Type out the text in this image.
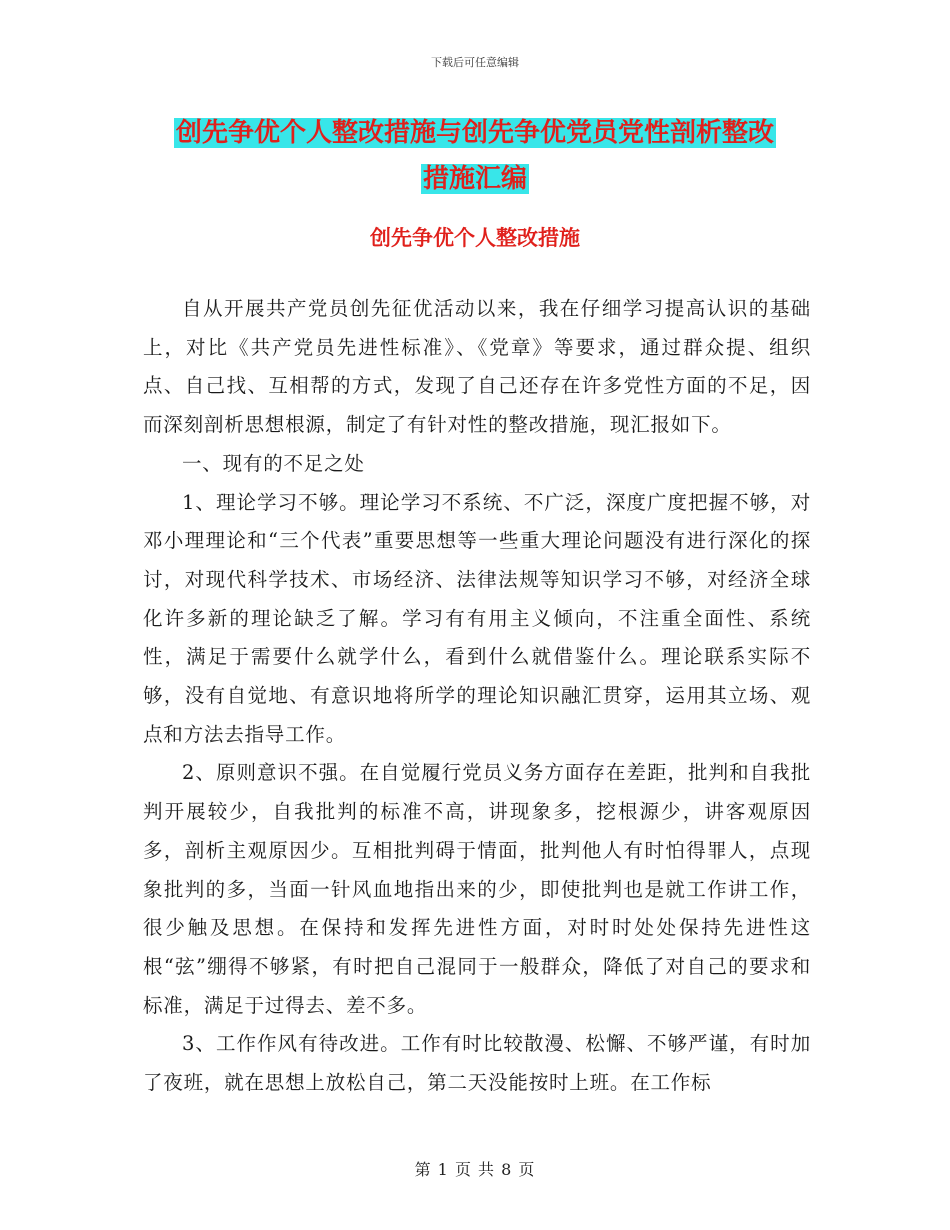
下载后可任意编辑
创先争优个人整改措施与创先争优党员党性剖析整改
措施汇编
创先争优个人整改措施

自从开展共产党员创先征优活动以来，我在仔细学习提高认识的基础上，对比《共产党员先进性标准》、《党章》等要求，通过群众提、组织点、自己找、互相帮的方式，发现了自己还存在许多党性方面的不足，因而深刻剖析思想根源，制定了有针对性的整改措施，现汇报如下。

一、现有的不足之处

1、理论学习不够。理论学习不系统、不广泛，深度广度把握不够，对邓小理理论和“三个代表”重要思想等一些重大理论问题没有进行深化的探讨，对现代科学技术、市场经济、法律法规等知识学习不够，对经济全球化许多新的理论缺乏了解。学习有有用主义倾向，不注重全面性、系统性，满足于需要什么就学什么，看到什么就借鉴什么。理论联系实际不够，没有自觉地、有意识地将所学的理论知识融汇贯穿，运用其立场、观点和方法去指导工作。

2、原则意识不强。在自觉履行党员义务方面存在差距，批判和自我批判开展较少，自我批判的标准不高，讲现象多，挖根源少，讲客观原因多，剖析主观原因少。互相批判碍于情面，批判他人有时怕得罪人，点现象批判的多，当面一针风血地指出来的少，即使批判也是就工作讲工作，很少触及思想。在保持和发挥先进性方面，对时时处处保持先进性这根“弦”绷得不够紧，有时把自己混同于一般群众，降低了对自己的要求和标准，满足于过得去、差不多。

3、工作作风有待改进。工作有时比较散漫、松懈、不够严谨，有时加了夜班，就在思想上放松自己，第二天没能按时上班。在工作标

第 1 页 共 8 页
